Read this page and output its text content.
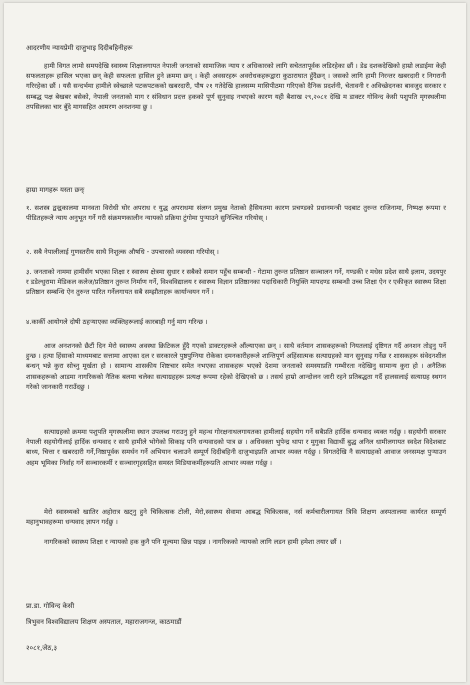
आदरणीय न्यायप्रेमी दाजुभाइ दिदीबहिनीहरू

हामी विगत लामो समयदेखि स्वास्थ्य शिक्षालगायत नेपाली जनताको सामाजिक न्याय र अधिकारको लागि सचेततापूर्वक लडिरहेका छौं । डेढ दशकदेखिको हाम्रो लडाईमा केही सफलताहरू हासिल भएका छन् केही सफलता हासिल हुने क्रममा छन् । केही अवसरहरू अवरोधकहरूद्वारा कुठाराघात हुँदैछन् । जसको लागि हामी निरन्तर खबरदारी र निगरानी गरिरहेका छौं । यसै सन्दर्भमा हामीले स्वेच्छाले पटकपटकको खबरदारी, पौष २१ गतेदेखि हालसम्म मासिपीठमा गरिएको दैनिक प्रदर्शनी, चेतावनी र अविच्छेदनका बावजुद सरकार र सम्बद्ध पक्ष बेखबर बसेको, नेपाली जनताको माग र संविधान प्रदत्त हकको पूर्ण सुनुवाइ नभएको कारण यही बैशाख २९,२०८१ देखि म डाक्टर गोविन्द केसी पशुपति मृगस्थलीमा तपसिलका चार बुँदे मागसहित आमरण अनशनमा छु ।

हाम्रा मागहरू यस्ता छन्ः

१. सशस्त्र द्वन्द्वकालमा मानवता विरोधी घोर अपराध र युद्ध अपराधमा संलग्न प्रमुख नेताको हैसियतमा कारण प्रचण्डको प्रधानमन्त्री पदबाट तुरुन्त राजिनामा, निष्पक्ष रूपमा र पीडितहरूले न्याय अनुभूत गर्ने गरी संक्रमणकालीन न्यायको प्रक्रिया टुंगोमा पुर्‍याउने सुनिश्चित गरियोस् ।

२. सबै नेपालीलाई गुणस्तरीय साथै निशुल्क औषधि - उपचारको व्यवस्था गरियोस् ।

३. जनताको नाममा हामीसँग भएका शिक्षा र स्वास्थ्य क्षेत्रमा सुधार र सबैको समान पहुँच सम्बन्धी - गेटामा तुरुन्त प्रतिष्ठान सञ्चालन गर्ने, गण्डकी र मधेस प्रदेश साथै इलाम, उदयपुर र डडेल्धुरामा मेडिकल कलेज/प्रतिष्ठान तुरुन्त निर्माण गर्ने, विश्वविद्यालय र स्वास्थ्य विज्ञान प्रतिष्ठानका पदाधिकारी नियुक्ति मापदण्ड सम्बन्धी उच्च शिक्षा ऐन र एकीकृत स्वास्थ्य शिक्षा प्रतिष्ठान सम्बन्धि ऐन तुरुन्त पारित गर्नेलगायत सबै सम्झौताहरू कार्यान्वयन गर्ने ।

४.कार्की आयोगले दोषी ठहऱ्याएका व्यक्तिहरूलाई कारबाही गर्नु माग गरिन्छ ।

आज अनशनको छैटौं दिन मेरो स्वास्थ्य अवस्था क्रिटिकल हुँदै गएको डाक्टरहरूले औंल्याएका छन् । साथै वर्तमान शासकहरूको नियतलाई दृष्टिगत गर्दै अनशन तोड्नु पर्ने हुन्छ । हत्या हिंसाको माध्यमबाट सत्तामा आएका दल र सरकारले पुष्ठपुग्निया रोकेका दमनकारीहरूले शान्तिपूर्ण अहिंसात्मक सत्याग्रहको मान सुनुवाइ गर्नेछ र शासकहरू संवेदनशील बन्धन् भन्ने कुरा सोच्नु मूर्खता हो । सामान्य शासकीय शिष्टचार समेत नभएका शासकहरू भएको देशमा जनताको समस्याप्रति गम्भीरता नदेखिनु सामान्य कुरा हो । अनैतिक शासकहरूको आडमा नागरिकको नैतिक बलमा चलेका सत्याग्रहहरू प्रत्यक्ष रूपमा रहेको देखिएको छ । तसर्थ हाम्रो आन्दोलन जारी रहने प्रतिबद्धता गर्दै हालसलाई सत्याग्रह स्थगन गरेको जानकारी गराउँदछु ।

सत्याग्रहको क्रममा पशुपति मृगस्थलीमा स्थान उपलब्ध गराउनु हुने महन्थ गोरक्षनाथलगायतका हामीलाई सहयोग गर्ने सबैप्रति हार्दिक धन्यवाद व्यक्त गर्दछु । सहयोगी सरकार नेपाली सहयोगीलाई हार्दिक धन्यवाद र साथै हामीले भोगेको सिकाइ पनि धन्यवादको पात्र छ । अधिवक्ता भुपेन्द्र थापा र मुगुका विद्यार्थी बुद्ध अनिल धामीलगायत स्वदेश विदेशबाट बाध्य, चित्ता र खबरदारी गर्ने,निष्ठापूर्वक समर्थन गर्ने अभियान चलाउने सम्पूर्ण दिदीबहिनी दाजुभाइप्रति आभार व्यक्त गर्दछु । विगतदेखि नै सत्याग्रहको आवाज जनसमक्ष पुर्‍याउन अहम भूमिका निर्वाह गर्ने सञ्चारकर्मी र सञ्चारगृहसहित समस्त मिडियाकर्मीहरूप्रति आभार व्यक्त गर्दछु ।

मेरो स्वास्थ्यको खातिर अहोरात्र खट्नु हुने चिकित्सक टोली, मेरो,स्वास्थ्य सेवामा आबद्ध चिकित्सक, नर्स कर्मचारीलगायत त्रिवि शिक्षण अस्पतालमा कार्यरत सम्पूर्ण महानुभावहरूमा धन्यवाद ज्ञापन गर्दछु ।

नागरिकको स्वास्थ्य शिक्षा र न्यायको हक कुनै पनि मूल्यमा छिन्न पाइन्न । नागरिकको न्यायको लागि लडन हामी हमेशा तयार छौं ।

प्रा.डा. गोविन्द केसी

त्रिभुवन विश्वविद्यालय शिक्षण अस्पताल, महाराजगन्ज, काठमाडौं

२०८१,जेठ,३
